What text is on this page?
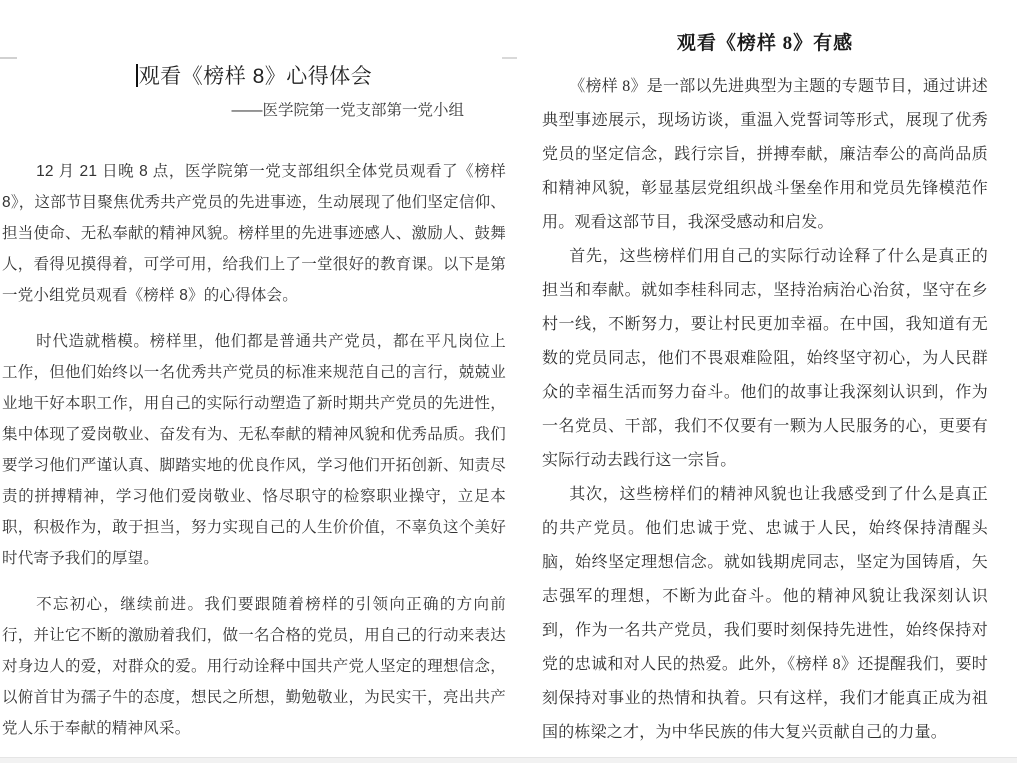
观看《榜样 8》心得体会
——医学院第一党支部第一党小组

12 月 21 日晚 8 点，医学院第一党支部组织全体党员观看了《榜样 8》，这部节目聚焦优秀共产党员的先进事迹，生动展现了他们坚定信仰、担当使命、无私奉献的精神风貌。榜样里的先进事迹感人、激励人、鼓舞人，看得见摸得着，可学可用，给我们上了一堂很好的教育课。以下是第一党小组党员观看《榜样 8》的心得体会。

时代造就楷模。榜样里，他们都是普通共产党员，都在平凡岗位上工作，但他们始终以一名优秀共产党员的标准来规范自己的言行，兢兢业业地干好本职工作，用自己的实际行动塑造了新时期共产党员的先进性，集中体现了爱岗敬业、奋发有为、无私奉献的精神风貌和优秀品质。我们要学习他们严谨认真、脚踏实地的优良作风，学习他们开拓创新、知责尽责的拼搏精神，学习他们爱岗敬业、恪尽职守的检察职业操守，立足本职，积极作为，敢于担当，努力实现自己的人生价价值，不辜负这个美好时代寄予我们的厚望。

不忘初心，继续前进。我们要跟随着榜样的引领向正确的方向前行，并让它不断的激励着我们，做一名合格的党员，用自己的行动来表达对身边人的爱，对群众的爱。用行动诠释中国共产党人坚定的理想信念，以俯首甘为孺子牛的态度，想民之所想，勤勉敬业，为民实干，亮出共产党人乐于奉献的精神风采。

观看《榜样 8》有感

《榜样 8》是一部以先进典型为主题的专题节目，通过讲述典型事迹展示，现场访谈，重温入党誓词等形式，展现了优秀党员的坚定信念，践行宗旨，拼搏奉献，廉洁奉公的高尚品质和精神风貌，彰显基层党组织战斗堡垒作用和党员先锋模范作用。观看这部节目，我深受感动和启发。

首先，这些榜样们用自己的实际行动诠释了什么是真正的担当和奉献。就如李桂科同志，坚持治病治心治贫，坚守在乡村一线，不断努力，要让村民更加幸福。在中国，我知道有无数的党员同志，他们不畏艰难险阻，始终坚守初心，为人民群众的幸福生活而努力奋斗。他们的故事让我深刻认识到，作为一名党员、干部，我们不仅要有一颗为人民服务的心，更要有实际行动去践行这一宗旨。

其次，这些榜样们的精神风貌也让我感受到了什么是真正的共产党员。他们忠诚于党、忠诚于人民，始终保持清醒头脑，始终坚定理想信念。就如钱期虎同志，坚定为国铸盾，矢志强军的理想，不断为此奋斗。他的精神风貌让我深刻认识到，作为一名共产党员，我们要时刻保持先进性，始终保持对党的忠诚和对人民的热爱。此外，《榜样 8》还提醒我们，要时刻保持对事业的热情和执着。只有这样，我们才能真正成为祖国的栋梁之才，为中华民族的伟大复兴贡献自己的力量。
